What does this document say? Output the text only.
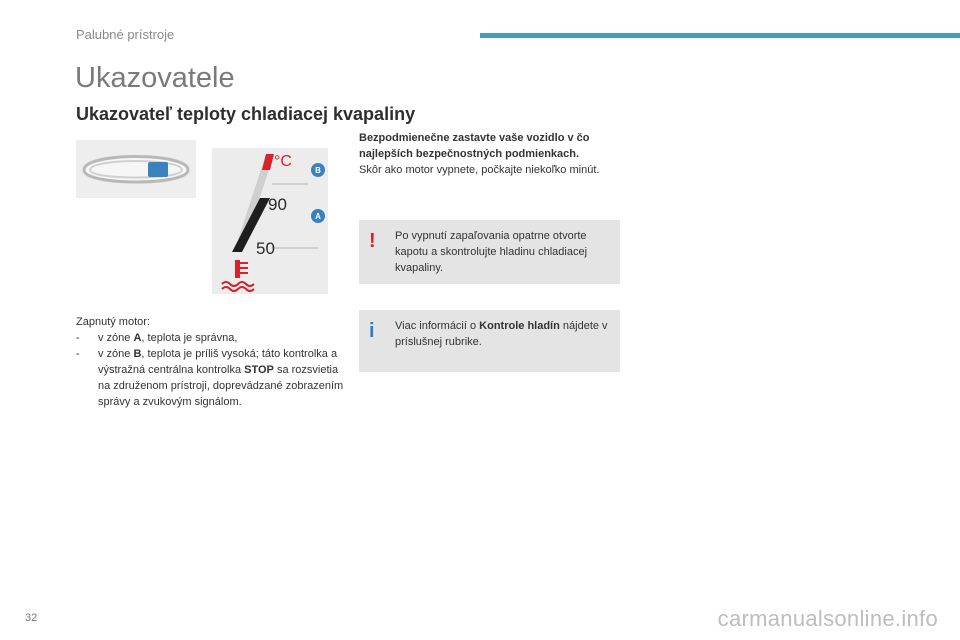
Palubné prístroje
Ukazovatele
Ukazovateľ teploty chladiacej kvapaliny
°C
90
50
B
A
Zapnutý motor:
-	v zóne A, teplota je správna,
-	v zóne B, teplota je príliš vysoká; táto kontrolka a výstražná centrálna kontrolka STOP sa rozsvietia na združenom prístroji, doprevádzané zobrazením správy a zvukovým signálom.
Bezpodmienečne zastavte vaše vozidlo v čo najlepších bezpečnostných podmienkach.
Skôr ako motor vypnete, počkajte niekoľko minút.
! Po vypnutí zapaľovania opatrne otvorte kapotu a skontrolujte hladinu chladiacej kvapaliny.
i Viac informácií o Kontrole hladín nájdete v príslušnej rubrike.
32	carmanualsonline.info
